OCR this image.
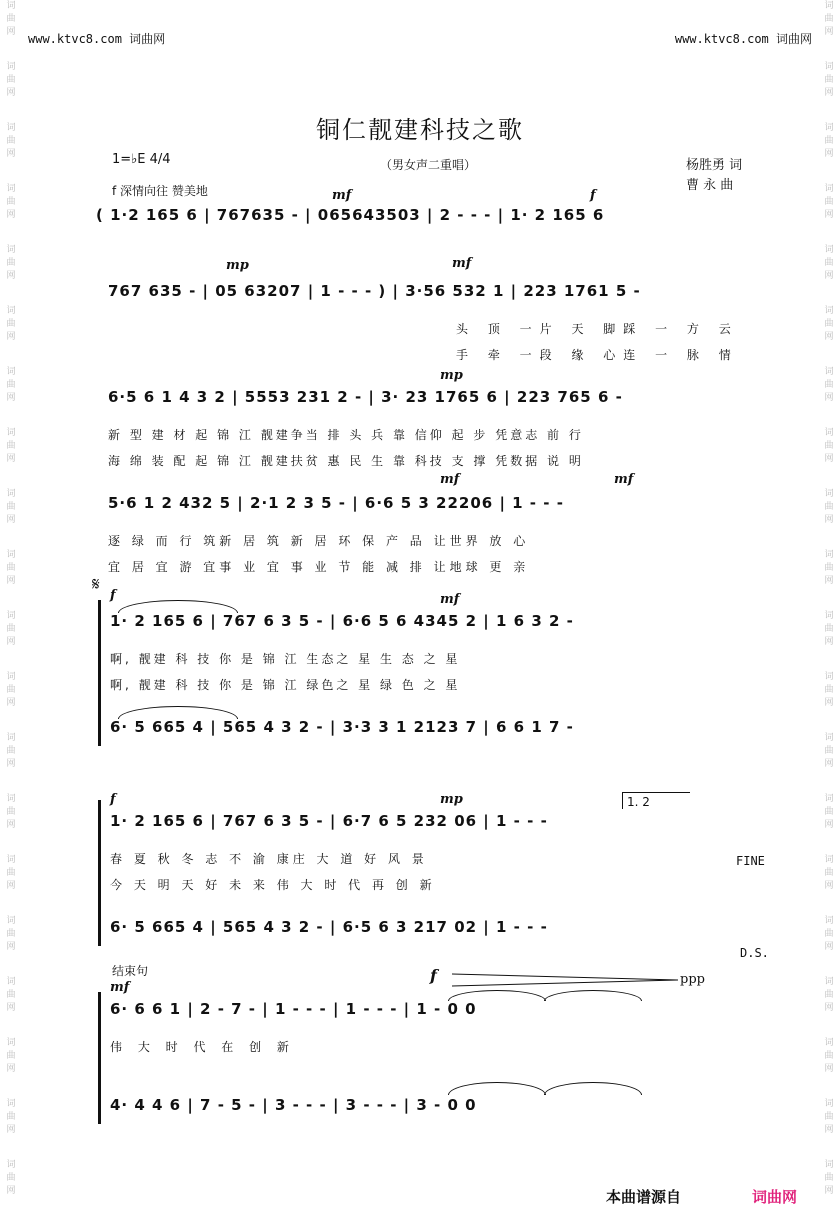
词曲网
词曲网
词曲网
词曲网
词曲网
词曲网
词曲网
词曲网
词曲网
词曲网
词曲网
词曲网
词曲网
词曲网
词曲网
词曲网
词曲网
词曲网
词曲网
词曲网
词曲网
词曲网
词曲网
词曲网
词曲网
词曲网
词曲网
词曲网
词曲网
词曲网
词曲网
词曲网
词曲网
词曲网
词曲网
词曲网
词曲网
词曲网
词曲网
词曲网
www.ktvc8.com 词曲网	www.ktvc8.com 词曲网
铜仁靓建科技之歌
1=♭E 4/4	（男女声二重唱）	杨胜勇 词
曹 永 曲
f 深情向往 赞美地	mf	f
( 1·2 165 6 | 767635 - | 065643503 | 2 - - - | 1· 2 165 6
mp	mf
767 635 - | 05 63207 | 1 - - - ) | 3·56 532 1 | 223 1761 5 -
头 顶 一片 天 脚踩 一 方 云
手 牵 一段 缘 心连 一 脉 情
mp
6·5 6 1 4 3 2 | 5553 231 2 - | 3· 23 1765 6 | 223 765 6 -
新 型 建 材 起 锦 江 靓建争当 排 头 兵 靠 信仰 起 步 凭意志 前 行
海 绵 装 配 起 锦 江 靓建扶贫 惠 民 生 靠 科技 支 撑 凭数据 说 明
mf	mf
5·6 1 2 432 5 | 2·1 2 3 5 - | 6·6 5 3 22206 | 1 - - -
逐 绿 而 行 筑新 居 筑 新 居 环 保 产 品 让世界 放 心
宜 居 宜 游 宜事 业 宜 事 业 节 能 减 排 让地球 更 亲
𝄋
f	mf
1· 2 165 6 | 767 6 3 5 - | 6·6 5 6 4345 2 | 1 6 3 2 -
啊, 靓建 科 技 你 是 锦 江 生态之 星 生 态 之 星
啊, 靓建 科 技 你 是 锦 江 绿色之 星 绿 色 之 星
6· 5 665 4 | 565 4 3 2 - | 3·3 3 1 2123 7 | 6 6 1 7 -
f	mp	1. 2
1· 2 165 6 | 767 6 3 5 - | 6·7 6 5 232 06 | 1 - - -
FINE
春 夏 秋 冬 志 不 渝 康庄 大 道 好 风 景
今 天 明 天 好 未 来 伟 大 时 代 再 创 新
6· 5 665 4 | 565 4 3 2 - | 6·5 6 3 217 02 | 1 - - -
D.S.
结束句
mf
f	ppp
6· 6 6 1 | 2 - 7 - | 1 - - - | 1 - - - | 1 - 0 0
伟 大 时 代 在 创 新
4· 4 4 6 | 7 - 5 - | 3 - - - | 3 - - - | 3 - 0 0
本曲谱源自	词曲网
